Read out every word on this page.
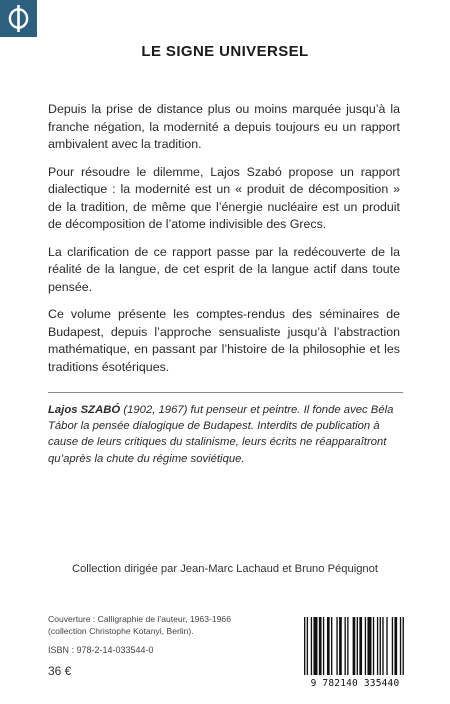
LE SIGNE UNIVERSEL

Depuis la prise de distance plus ou moins marquée jusqu’à la franche négation, la modernité a depuis toujours eu un rapport ambivalent avec la tradition.

Pour résoudre le dilemme, Lajos Szabó propose un rapport dialectique : la modernité est un « produit de décomposition » de la tradition, de même que l’énergie nucléaire est un produit de décomposition de l’atome indivisible des Grecs.

La clarification de ce rapport passe par la redécouverte de la réalité de la langue, de cet esprit de la langue actif dans toute pensée.

Ce volume présente les comptes-rendus des séminaires de Budapest, depuis l’approche sensualiste jusqu’à l’abstraction mathématique, en passant par l’histoire de la philosophie et les traditions ésotériques.

Lajos SZABÓ (1902, 1967) fut penseur et peintre. Il fonde avec Béla Tábor la pensée dialogique de Budapest. Interdits de publication à cause de leurs critiques du stalinisme, leurs écrits ne réapparaîtront qu’après la chute du régime soviétique.
Collection dirigée par Jean-Marc Lachaud et Bruno Péquignot
Couverture : Calligraphie de l’auteur, 1963-1966
(collection Christophe Kotanyi, Berlin).
ISBN : 978-2-14-033544-0
36 €
9 782140 335440
